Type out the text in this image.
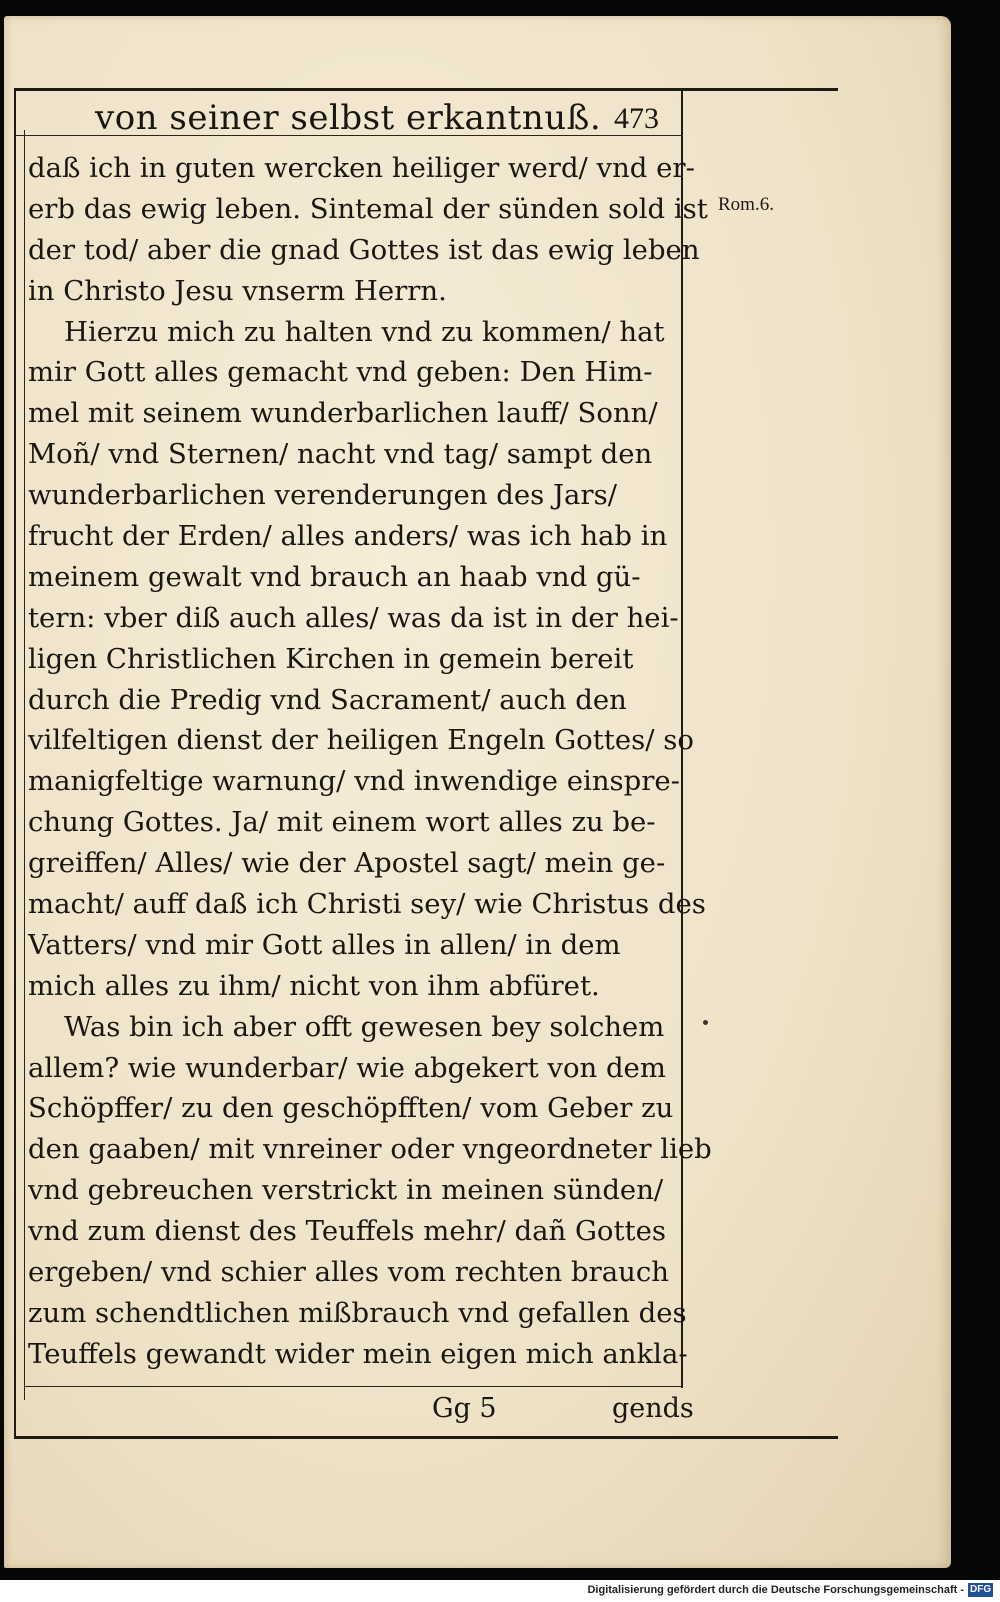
von seiner selbst erkantnuß. 473
Rom.6.
daß ich in guten wercken heiliger werd/ vnd er-
erb das ewig leben. Sintemal der sünden sold ist
der tod/ aber die gnad Gottes ist das ewig leben
in Christo Jesu vnserm Herrn.
Hierzu mich zu halten vnd zu kommen/ hat
mir Gott alles gemacht vnd geben: Den Him-
mel mit seinem wunderbarlichen lauff/ Sonn/
Moñ/ vnd Sternen/ nacht vnd tag/ sampt den
wunderbarlichen verenderungen des Jars/
frucht der Erden/ alles anders/ was ich hab in
meinem gewalt vnd brauch an haab vnd gü-
tern: vber diß auch alles/ was da ist in der hei-
ligen Christlichen Kirchen in gemein bereit
durch die Predig vnd Sacrament/ auch den
vilfeltigen dienst der heiligen Engeln Gottes/ so
manigfeltige warnung/ vnd inwendige einspre-
chung Gottes. Ja/ mit einem wort alles zu be-
greiffen/ Alles/ wie der Apostel sagt/ mein ge-
macht/ auff daß ich Christi sey/ wie Christus des
Vatters/ vnd mir Gott alles in allen/ in dem
mich alles zu ihm/ nicht von ihm abfüret.
Was bin ich aber offt gewesen bey solchem
allem? wie wunderbar/ wie abgekert von dem
Schöpffer/ zu den geschöpfften/ vom Geber zu
den gaaben/ mit vnreiner oder vngeordneter lieb
vnd gebreuchen verstrickt in meinen sünden/
vnd zum dienst des Teuffels mehr/ dañ Gottes
ergeben/ vnd schier alles vom rechten brauch
zum schendtlichen mißbrauch vnd gefallen des
Teuffels gewandt wider mein eigen mich ankla-
Gg 5	gends
Digitalisierung gefördert durch die Deutsche Forschungsgemeinschaft - DFG
